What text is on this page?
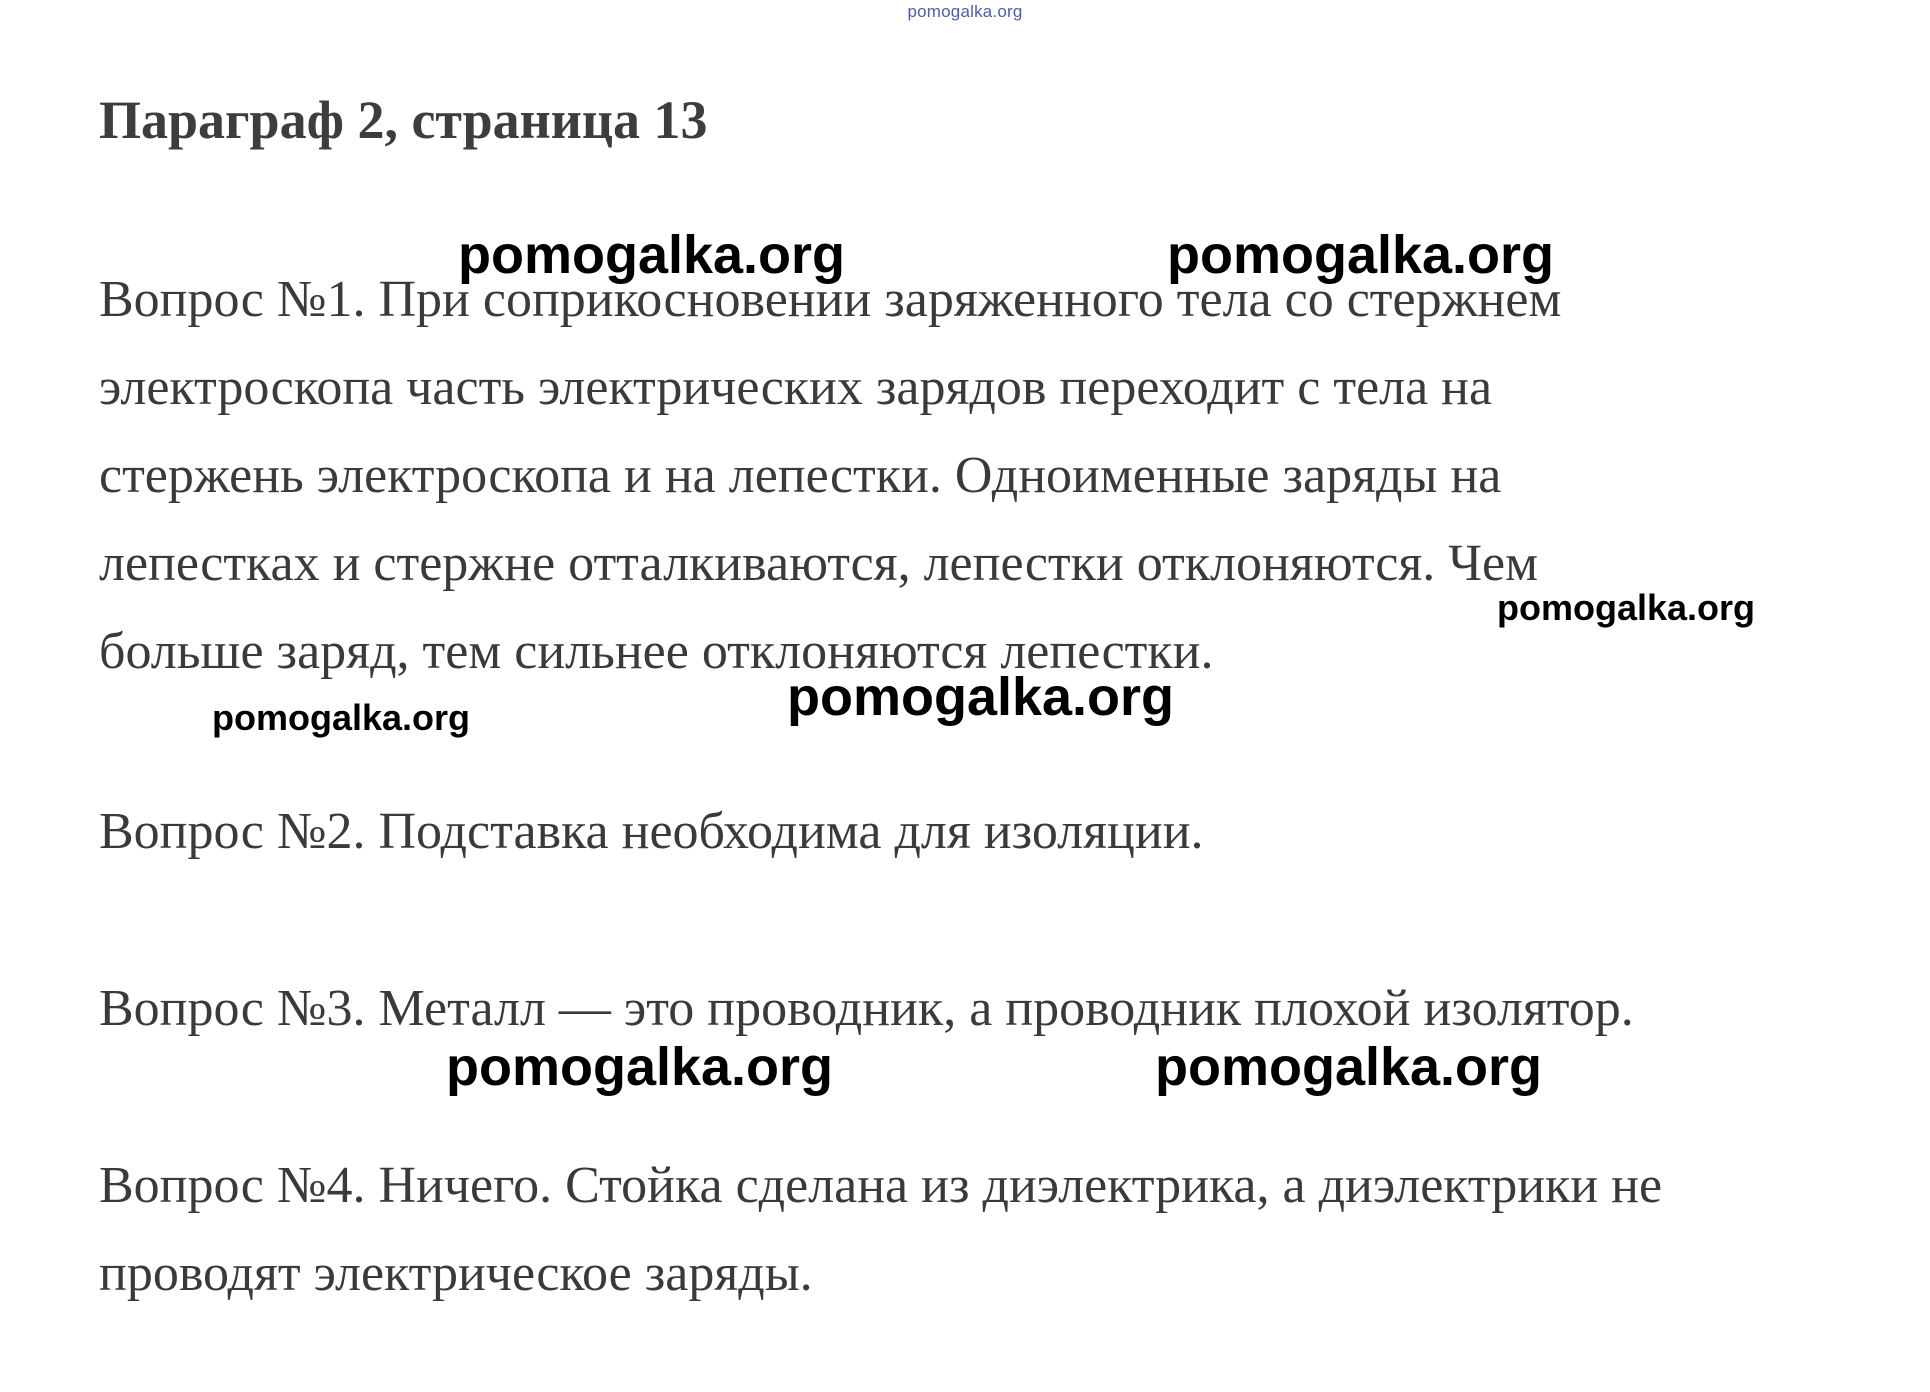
pomogalka.org
Параграф 2, страница 13

Вопрос №1. При соприкосновении заряженного тела со стержнем
электроскопа часть электрических зарядов переходит с тела на
стержень электроскопа и на лепестки. Одноименные заряды на
лепестках и стержне отталкиваются, лепестки отклоняются. Чем
больше заряд, тем сильнее отклоняются лепестки.

Вопрос №2. Подставка необходима для изоляции.

Вопрос №3. Металл — это проводник, а проводник плохой изолятор.

Вопрос №4. Ничего. Стойка сделана из диэлектрика, а диэлектрики не
проводят электрическое заряды.

pomogalka.org	pomogalka.org
pomogalka.org
pomogalka.org	pomogalka.org
pomogalka.org	pomogalka.org
